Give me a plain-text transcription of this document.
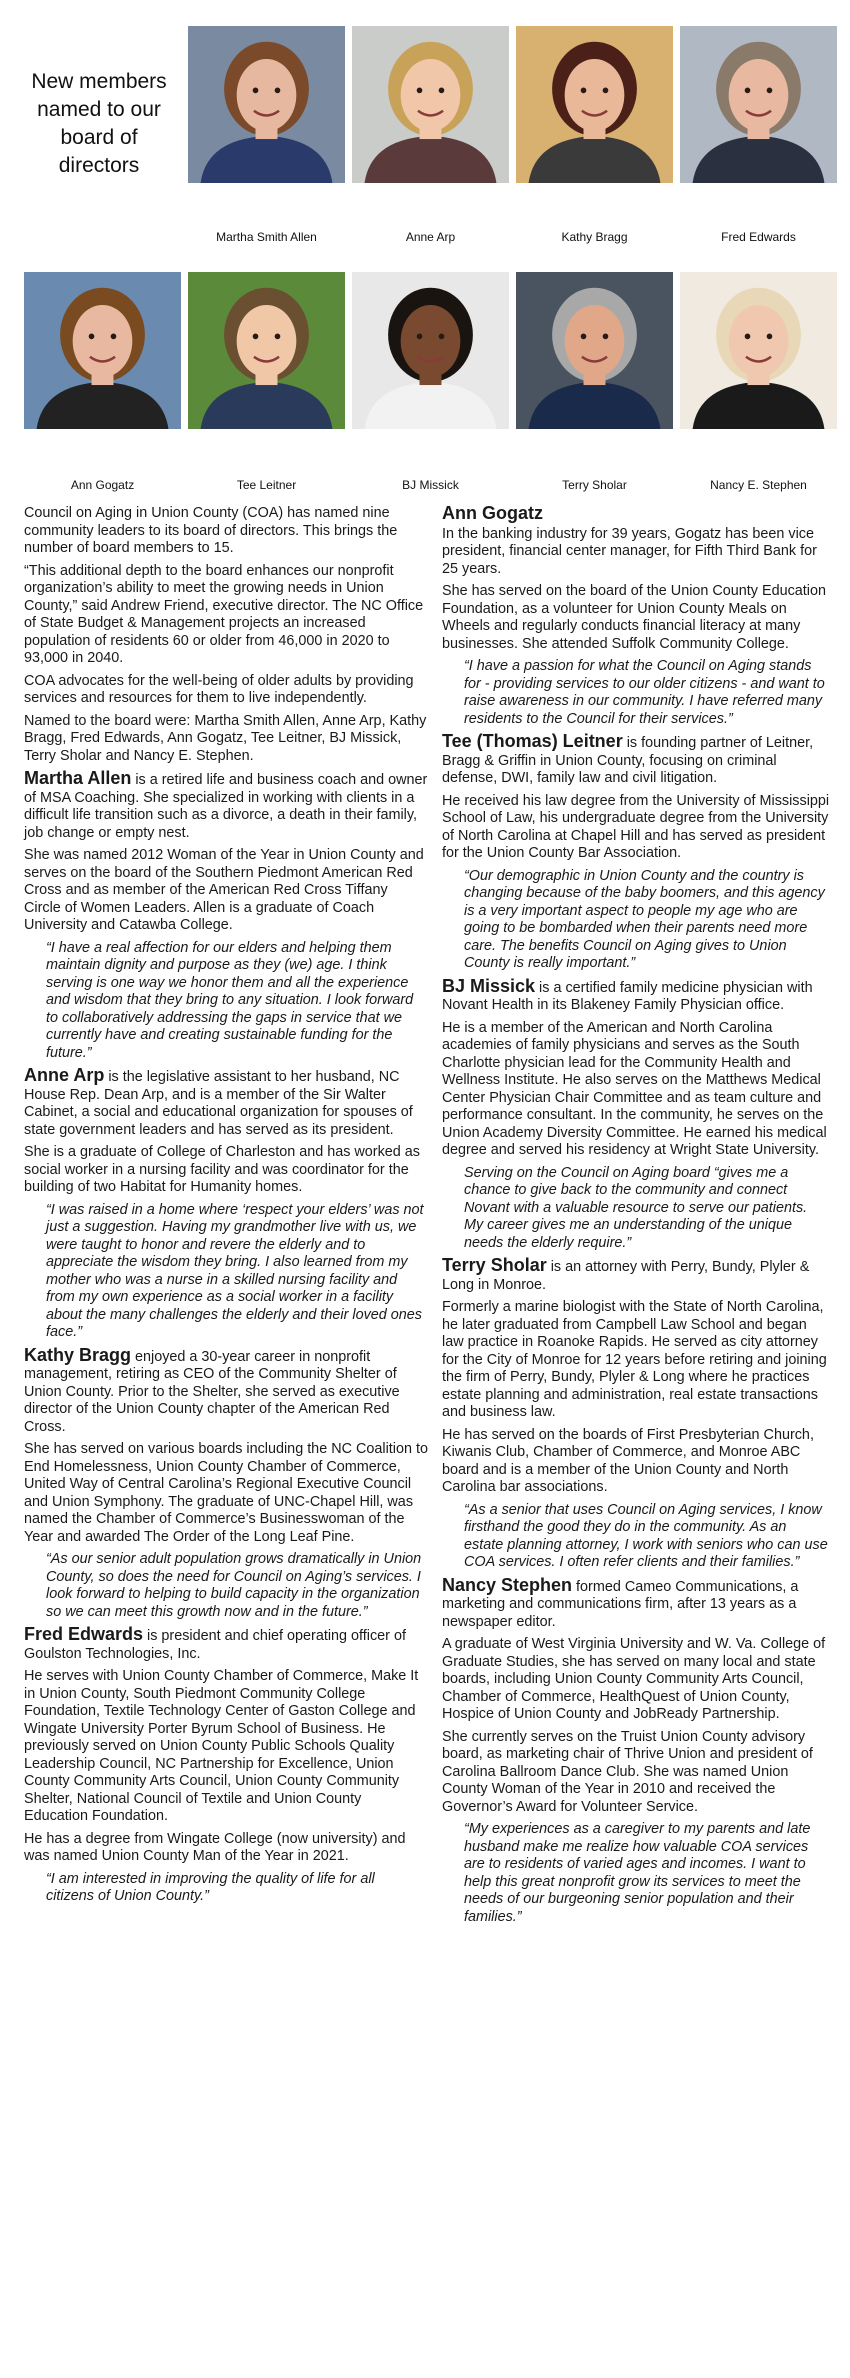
New members named to our board of directors
Martha Smith Allen	Anne Arp	Kathy Bragg	Fred Edwards
Ann Gogatz	Tee Leitner	BJ Missick	Terry Sholar	Nancy E. Stephen

Council on Aging in Union County (COA) has named nine community leaders to its board of directors. This brings the number of board members to 15.

“This additional depth to the board enhances our nonprofit organization’s ability to meet the growing needs in Union County,” said Andrew Friend, executive director. The NC Office of State Budget & Management projects an increased population of residents 60 or older from 46,000 in 2020 to 93,000 in 2040.

COA advocates for the well-being of older adults by providing services and resources for them to live independently.

Named to the board were: Martha Smith Allen, Anne Arp, Kathy Bragg, Fred Edwards, Ann Gogatz, Tee Leitner, BJ Missick, Terry Sholar and Nancy E. Stephen.

Martha Allen is a retired life and business coach and owner of MSA Coaching. She specialized in working with clients in a difficult life transition such as a divorce, a death in their family, job change or empty nest.

She was named 2012 Woman of the Year in Union County and serves on the board of the Southern Piedmont American Red Cross and as member of the American Red Cross Tiffany Circle of Women Leaders. Allen is a graduate of Coach University and Catawba College.

“I have a real affection for our elders and helping them maintain dignity and purpose as they (we) age. I think serving is one way we honor them and all the experience and wisdom that they bring to any situation. I look forward to collaboratively addressing the gaps in service that we currently have and creating sustainable funding for the future.”

Anne Arp is the legislative assistant to her husband, NC House Rep. Dean Arp, and is a member of the Sir Walter Cabinet, a social and educational organization for spouses of state government leaders and has served as its president.

She is a graduate of College of Charleston and has worked as social worker in a nursing facility and was coordinator for the building of two Habitat for Humanity homes.

“I was raised in a home where ‘respect your elders’ was not just a suggestion. Having my grandmother live with us, we were taught to honor and revere the elderly and to appreciate the wisdom they bring. I also learned from my mother who was a nurse in a skilled nursing facility and from my own experience as a social worker in a facility about the many challenges the elderly and their loved ones face.”

Kathy Bragg enjoyed a 30-year career in nonprofit management, retiring as CEO of the Community Shelter of Union County. Prior to the Shelter, she served as executive director of the Union County chapter of the American Red Cross.

She has served on various boards including the NC Coalition to End Homelessness, Union County Chamber of Commerce, United Way of Central Carolina’s Regional Executive Council and Union Symphony. The graduate of UNC-Chapel Hill, was named the Chamber of Commerce’s Businesswoman of the Year and awarded The Order of the Long Leaf Pine.

“As our senior adult population grows dramatically in Union County, so does the need for Council on Aging’s services. I look forward to helping to build capacity in the organization so we can meet this growth now and in the future.”

Fred Edwards is president and chief operating officer of Goulston Technologies, Inc.

He serves with Union County Chamber of Commerce, Make It in Union County, South Piedmont Community College Foundation, Textile Technology Center of Gaston College and Wingate University Porter Byrum School of Business. He previously served on Union County Public Schools Quality Leadership Council, NC Partnership for Excellence, Union County Community Arts Council, Union County Community Shelter, National Council of Textile and Union County Education Foundation.

He has a degree from Wingate College (now university) and was named Union County Man of the Year in 2021.

“I am interested in improving the quality of life for all citizens of Union County.”

Ann Gogatz

In the banking industry for 39 years, Gogatz has been vice president, financial center manager, for Fifth Third Bank for 25 years.

She has served on the board of the Union County Education Foundation, as a volunteer for Union County Meals on Wheels and regularly conducts financial literacy at many businesses. She attended Suffolk Community College.

“I have a passion for what the Council on Aging stands for - providing services to our older citizens - and want to raise awareness in our community. I have referred many residents to the Council for their services.”

Tee (Thomas) Leitner is founding partner of Leitner, Bragg & Griffin in Union County, focusing on criminal defense, DWI, family law and civil litigation.

He received his law degree from the University of Mississippi School of Law, his undergraduate degree from the University of North Carolina at Chapel Hill and has served as president for the Union County Bar Association.

“Our demographic in Union County and the country is changing because of the baby boomers, and this agency is a very important aspect to people my age who are going to be bombarded when their parents need more care. The benefits Council on Aging gives to Union County is really important.”

BJ Missick is a certified family medicine physician with Novant Health in its Blakeney Family Physician office.

He is a member of the American and North Carolina academies of family physicians and serves as the South Charlotte physician lead for the Community Health and Wellness Institute. He also serves on the Matthews Medical Center Physician Chair Committee and as team culture and performance consultant. In the community, he serves on the Union Academy Diversity Committee. He earned his medical degree and served his residency at Wright State University.

Serving on the Council on Aging board “gives me a chance to give back to the community and connect Novant with a valuable resource to serve our patients. My career gives me an understanding of the unique needs the elderly require.”

Terry Sholar is an attorney with Perry, Bundy, Plyler & Long in Monroe.

Formerly a marine biologist with the State of North Carolina, he later graduated from Campbell Law School and began law practice in Roanoke Rapids. He served as city attorney for the City of Monroe for 12 years before retiring and joining the firm of Perry, Bundy, Plyler & Long where he practices estate planning and administration, real estate transactions and business law.

He has served on the boards of First Presbyterian Church, Kiwanis Club, Chamber of Commerce, and Monroe ABC board and is a member of the Union County and North Carolina bar associations.

“As a senior that uses Council on Aging services, I know firsthand the good they do in the community. As an estate planning attorney, I work with seniors who can use COA services. I often refer clients and their families.”

Nancy Stephen formed Cameo Communications, a marketing and communications firm, after 13 years as a newspaper editor.

A graduate of West Virginia University and W. Va. College of Graduate Studies, she has served on many local and state boards, including Union County Community Arts Council, Chamber of Commerce, HealthQuest of Union County, Hospice of Union County and JobReady Partnership.

She currently serves on the Truist Union County advisory board, as marketing chair of Thrive Union and president of Carolina Ballroom Dance Club. She was named Union County Woman of the Year in 2010 and received the Governor’s Award for Volunteer Service.

“My experiences as a caregiver to my parents and late husband make me realize how valuable COA services are to residents of varied ages and incomes. I want to help this great nonprofit grow its services to meet the needs of our burgeoning senior population and their families.”
